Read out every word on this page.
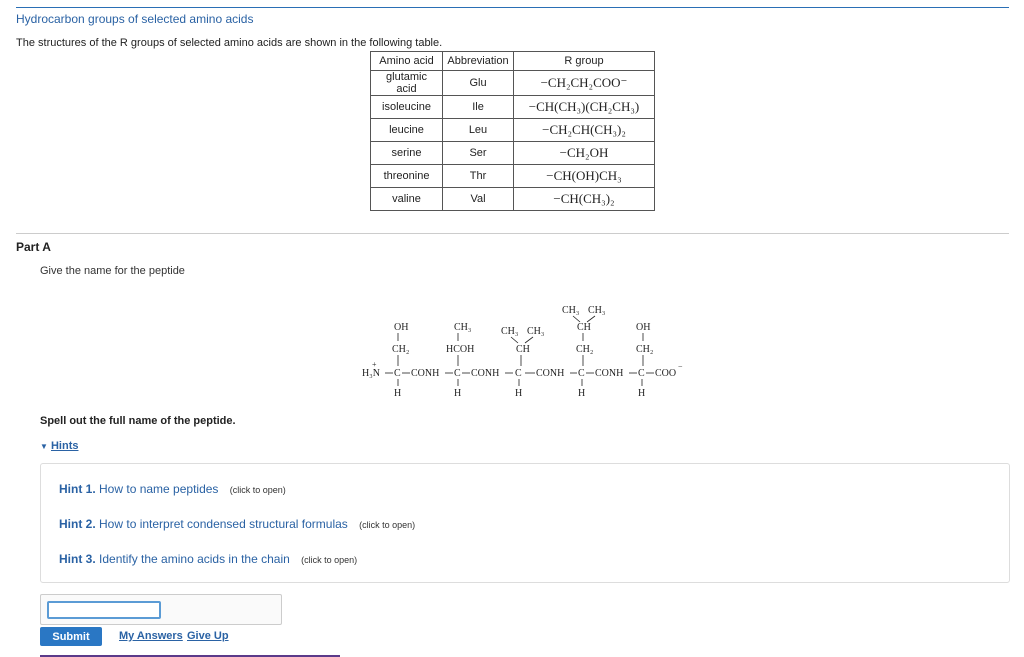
Hydrocarbon groups of selected amino acids
The structures of the R groups of selected amino acids are shown in the following table.
Amino acid	Abbreviation	R group
glutamic acid	Glu	−CH₂CH₂COO⁻
isoleucine	Ile	−CH(CH₃)(CH₂CH₃)
leucine	Leu	−CH₂CH(CH₃)₂
serine	Ser	−CH₂OH
threonine	Thr	−CH(OH)CH₃
valine	Val	−CH(CH₃)₂
Part A
Give the name for the peptide
H₃N
+
C CONH C CONH C CONH C CONH C COO
−
H	H	H	H	H
OH
CH₂
CH₃
HCOH
CH₃ CH₃
CH
CH₃ CH₃
CH
CH₂
OH
CH₂
Spell out the full name of the peptide.
▼ Hints
Hint 1. How to name peptides (click to open)
Hint 2. How to interpret condensed structural formulas (click to open)
Hint 3. Identify the amino acids in the chain (click to open)
Submit	My Answers Give Up
